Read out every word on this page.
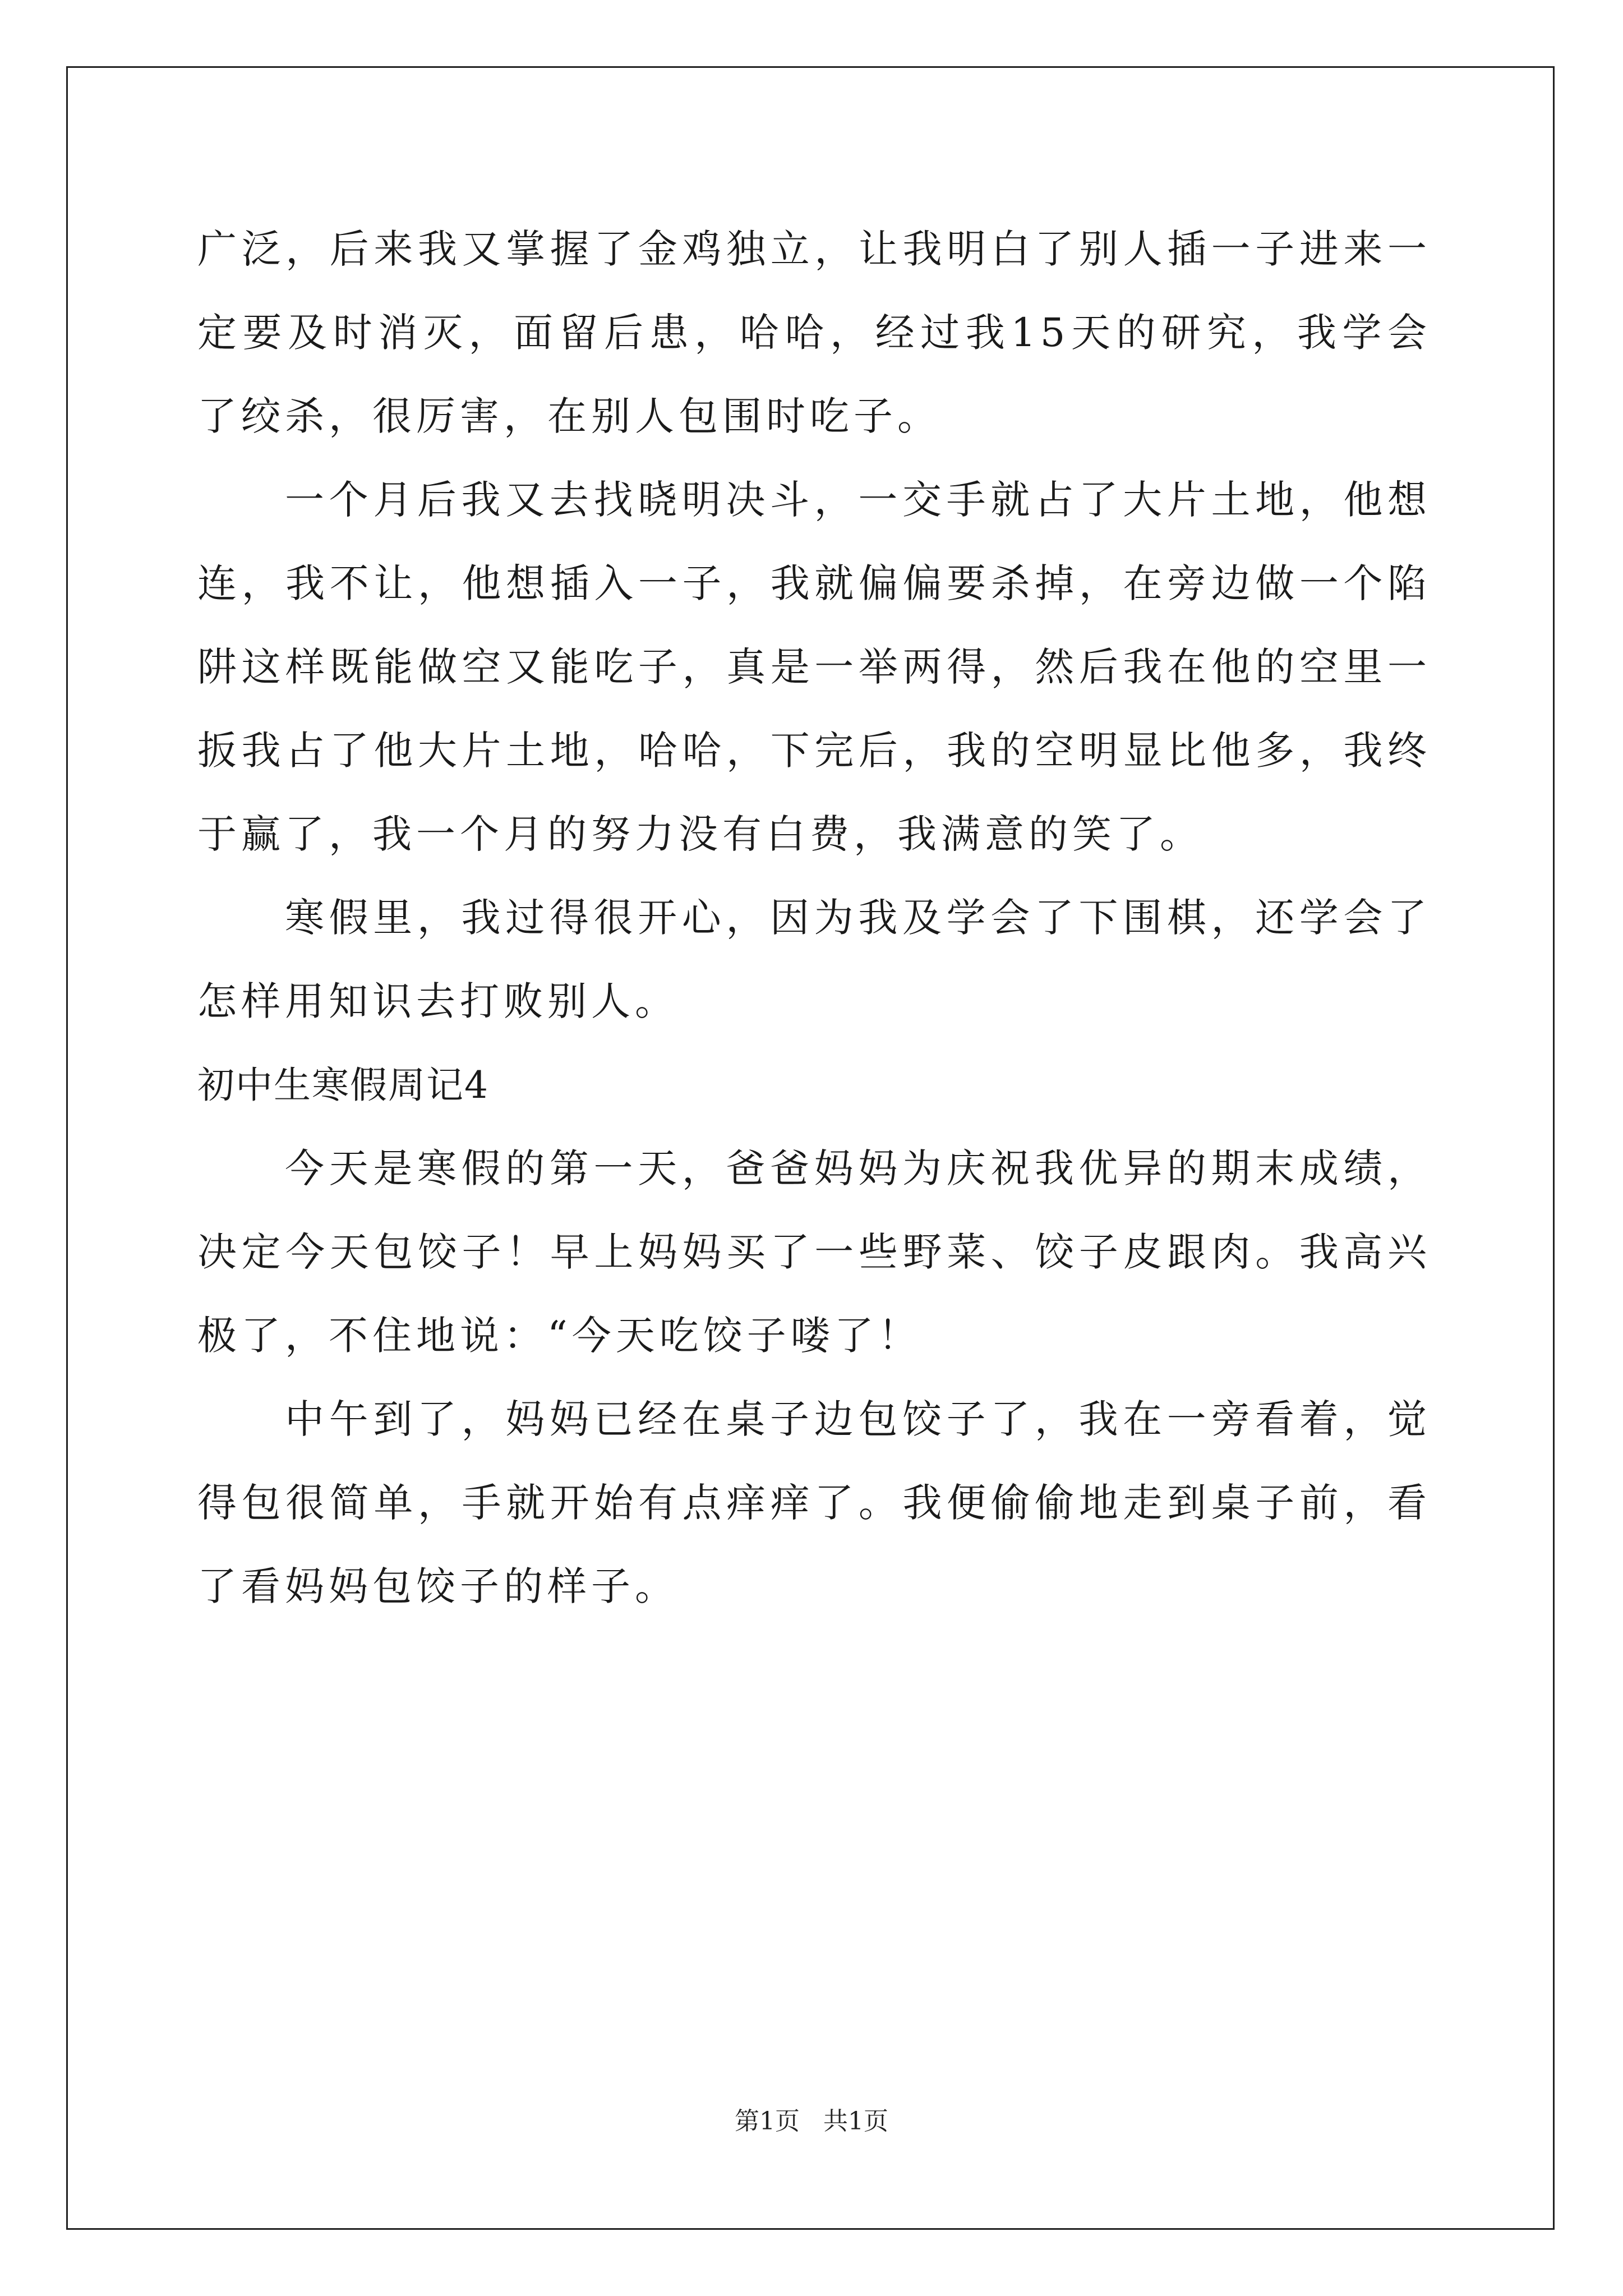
广泛，后来我又掌握了金鸡独立，让我明白了别人插一子进来一定要及时消灭，面留后患，哈哈，经过我15天的研究，我学会了绞杀，很厉害，在别人包围时吃子。

一个月后我又去找晓明决斗，一交手就占了大片土地，他想连，我不让，他想插入一子，我就偏偏要杀掉，在旁边做一个陷阱这样既能做空又能吃子，真是一举两得，然后我在他的空里一扳我占了他大片土地，哈哈，下完后，我的空明显比他多，我终于赢了，我一个月的努力没有白费，我满意的笑了。

寒假里，我过得很开心，因为我及学会了下围棋，还学会了怎样用知识去打败别人。

初中生寒假周记4

今天是寒假的第一天，爸爸妈妈为庆祝我优异的期末成绩，决定今天包饺子！早上妈妈买了一些野菜、饺子皮跟肉。我高兴极了，不住地说：“今天吃饺子喽了！

中午到了，妈妈已经在桌子边包饺子了，我在一旁看着，觉得包很简单，手就开始有点痒痒了。我便偷偷地走到桌子前，看了看妈妈包饺子的样子。

第1页 共1页
